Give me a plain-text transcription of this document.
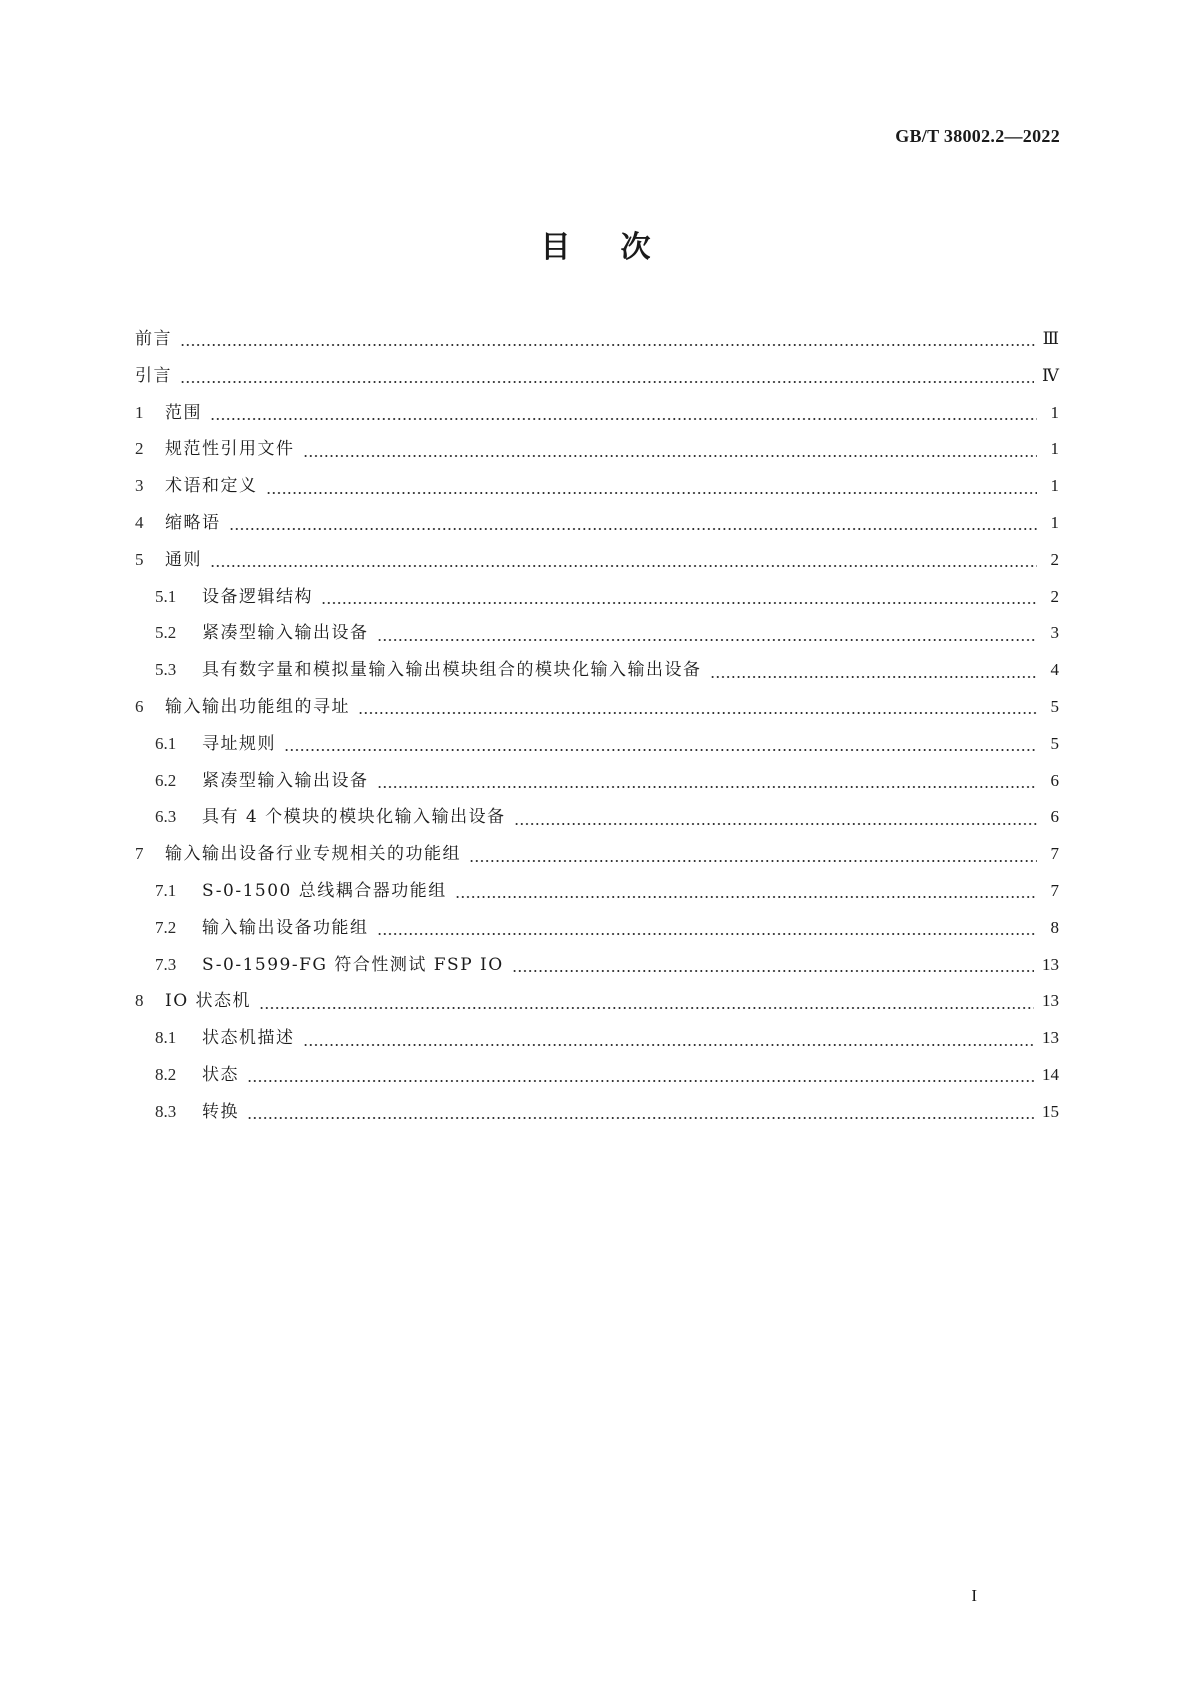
GB/T 38002.2—2022
目次
前言	Ⅲ
引言	Ⅳ
1	范围	1
2	规范性引用文件	1
3	术语和定义	1
4	缩略语	1
5	通则	2
5.1	设备逻辑结构	2
5.2	紧凑型输入输出设备	3
5.3	具有数字量和模拟量输入输出模块组合的模块化输入输出设备	4
6	输入输出功能组的寻址	5
6.1	寻址规则	5
6.2	紧凑型输入输出设备	6
6.3	具有 4 个模块的模块化输入输出设备	6
7	输入输出设备行业专规相关的功能组	7
7.1	S-0-1500 总线耦合器功能组	7
7.2	输入输出设备功能组	8
7.3	S-0-1599-FG 符合性测试 FSP IO	13
8	IO 状态机	13
8.1	状态机描述	13
8.2	状态	14
8.3	转换	15
I
